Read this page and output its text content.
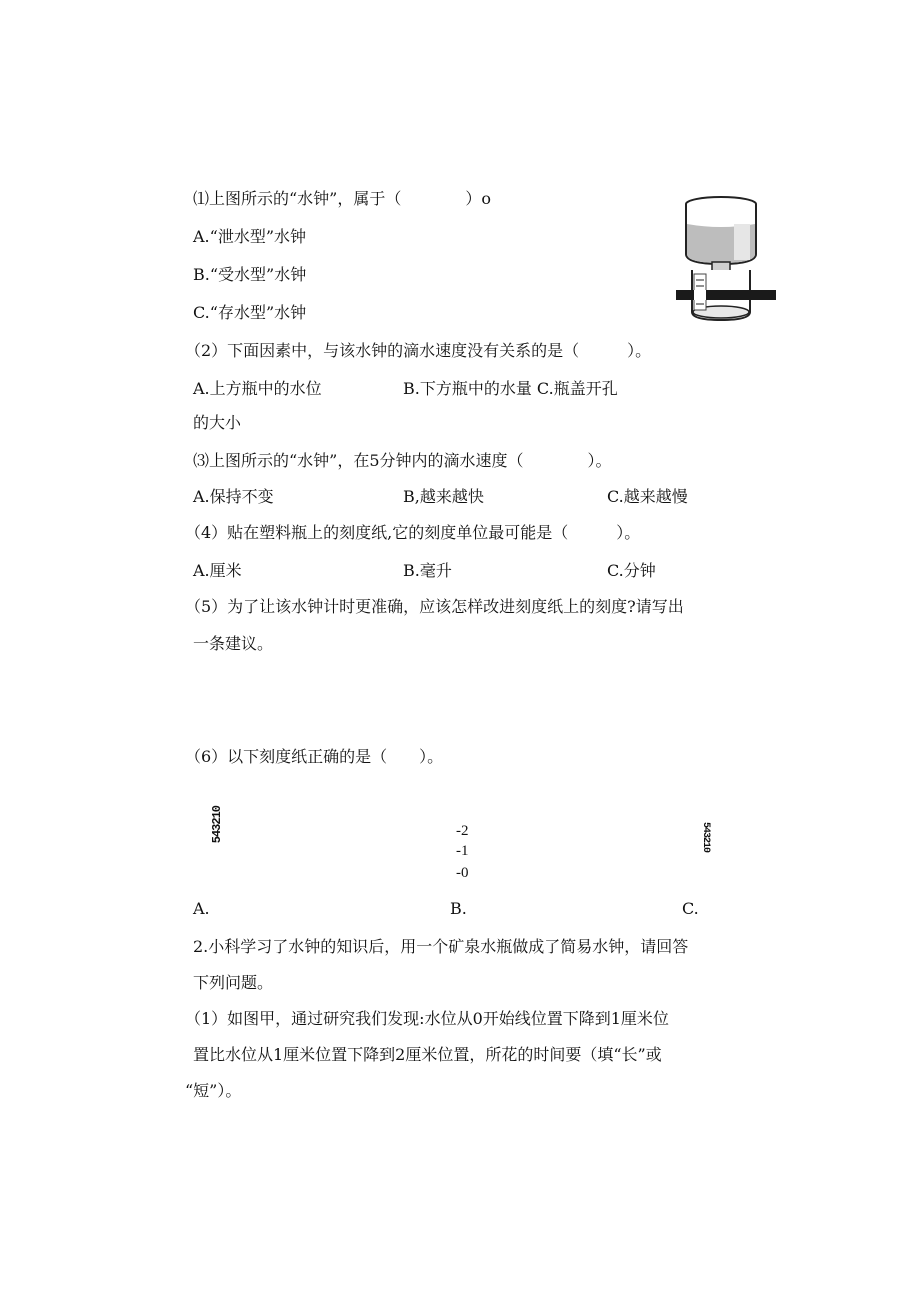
⑴上图所示的“水钟”，属于（　　　　）o
A.“泄水型”水钟
B.“受水型”水钟
C.“存水型”水钟
（2）下面因素中，与该水钟的滴水速度没有关系的是（　　　）。
A.上方瓶中的水位	B.下方瓶中的水量 C.瓶盖开孔
的大小
⑶上图所示的“水钟”，在5分钟内的滴水速度（　　　　）。
A.保持不变	B,越来越快	C.越来越慢
（4）贴在塑料瓶上的刻度纸,它的刻度单位最可能是（　　　）。
A.厘米	B.毫升	C.分钟
（5）为了让该水钟计时更准确，应该怎样改进刻度纸上的刻度?请写出
一条建议。
（6）以下刻度纸正确的是（　　）。
543210	-2
-1
-0
543210
A.	B.	C.
2.小科学习了水钟的知识后，用一个矿泉水瓶做成了简易水钟，请回答
下列问题。
（1）如图甲，通过研究我们发现:水位从0开始线位置下降到1厘米位
置比水位从1厘米位置下降到2厘米位置，所花的时间要（填“长”或
“短”）。
